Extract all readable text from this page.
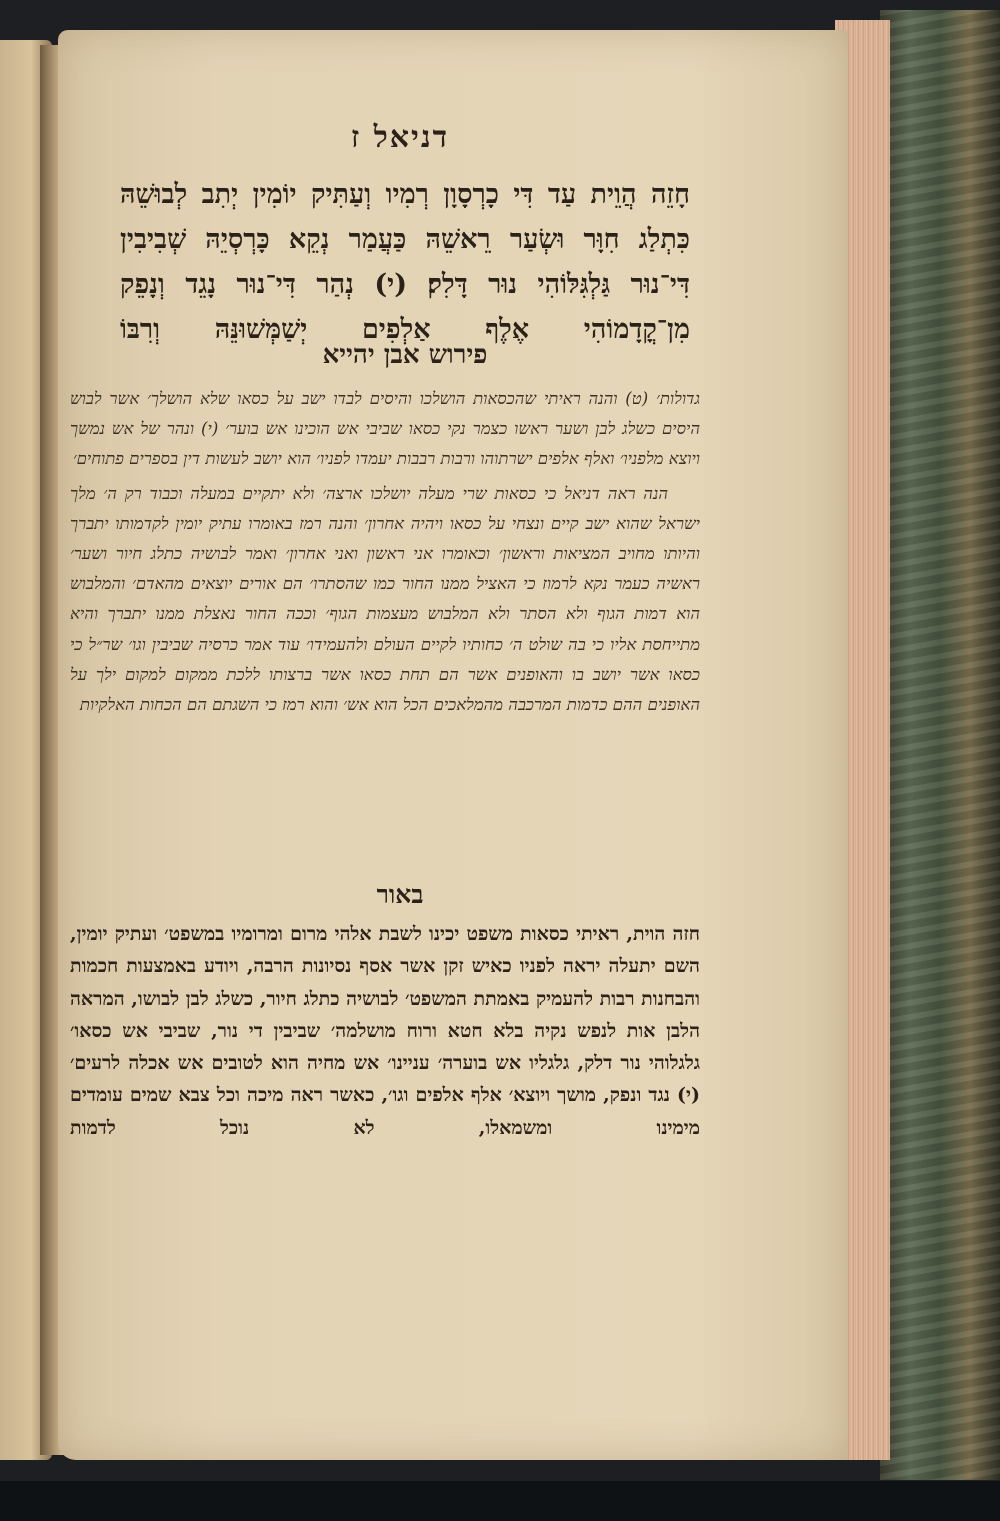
דניאל ז
חָזֵה הֲוֵית עַד דִּי כָרְסָוָן רְמִיו וְעַתִּיק יוֹמִין יְתִב לְבוּשֵׁהּ כִּתְלַג חִוָּר וּשְׂעַר רֵאשֵׁהּ כַּעֲמַר נְקֵא כָּרְסְיֵהּ שְׁבִיבִין דִּי־נוּר גַּלְגִּלּוֹהִי נוּר דָּלִק׃ (י) נְהַר דִּי־נוּר נָגֵד וְנָפֵק מִן־קֳדָמוֹהִי אֶלֶף אַלְפִים יְשַׁמְּשׁוּנֵּהּ וְרִבּוֹ
פירוש אבן יהייא

גדולות׳ (ט) והנה ראיתי שהכסאות הושלכו והיסים לבדו ישב על כסאו שלא הושלך׳ אשר לבוש היסים כשלג לבן ושער ראשו כצמר נקי כסאו שביבי אש הוכינו אש בוער׳ (י) ונהר של אש נמשך ויוצא מלפניו׳ ואלף אלפים ישרתוהו ורבות רבבות יעמדו לפניו׳ הוא יושב לעשות דין בספרים פתוחים׳

הנה ראה דניאל כי כסאות שרי מעלה יושלכו ארצה׳ ולא יתקיים במעלה וכבוד רק ה׳ מלך ישראל שהוא ישב קיים ונצחי על כסאו ויהיה אחרון׳ והנה רמז באומרו עתיק יומין לקדמותו יתברך והיותו מחויב המציאות וראשון׳ וכאומרו אני ראשון ואני אחרון׳ ואמר לבושיה כתלג חיור ושער׳ ראשיה כעמר נקא לרמוז כי האציל ממנו החור כמו שהסתרו׳ הם אורים יוצאים מהאדם׳ והמלבוש הוא דמות הגוף ולא הסתר ולא המלבוש מעצמות הגוף׳ וככה החור נאצלת ממנו יתברך והיא מתייחסת אליו כי בה שולט ה׳ כחותיו לקיים העולם ולהעמידו׳ עוד אמר כרסיה שביבין וגו׳ שר״ל כי כסאו אשר יושב בו והאופנים אשר הם תחת כסאו אשר ברצותו ללכת ממקום למקום ילך על האופנים ההם כדמות המרכבה מהמלאכים הכל הוא אש׳ והוא רמז כי השגתם הם הכחות האלקיות

באור
חזה הוית, ראיתי כסאות משפט יכינו לשבת אלהי מרום ומרומיו במשפט׳ ועתיק יומין, השם יתעלה יראה לפניו כאיש זקן אשר אסף נסיונות הרבה, ויודע באמצעות חכמות והבחנות רבות להעמיק באמתת המשפט׳ לבושיה כתלג חיור, כשלג לבן לבושו, המראה הלבן אות לנפש נקיה בלא חטא ורוח מושלמה׳ שביבין די נור, שביבי אש כסאו׳ גלגלוהי נור דלק, גלגליו אש בוערה׳ עניינו׳ אש מחיה הוא לטובים אש אכלה לרעים׳ (י) נגד ונפק, מושך ויוצא׳ אלף אלפים וגו׳, כאשר ראה מיכה וכל צבא שמים עומדים מימינו ומשמאלו, לא נוכל לדמות
